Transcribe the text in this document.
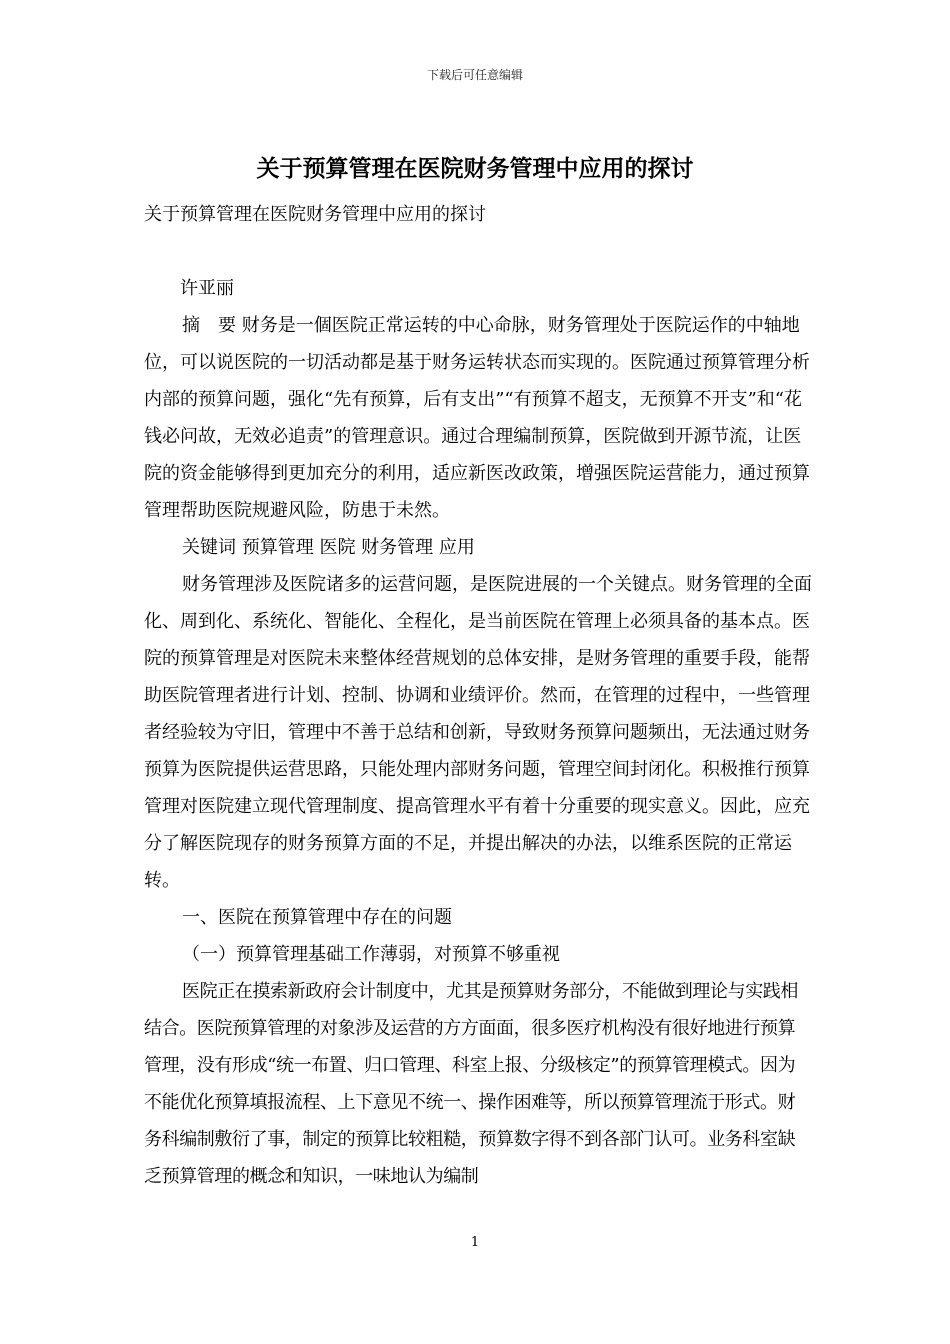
下载后可任意编辑
关于预算管理在医院财务管理中应用的探讨

关于预算管理在医院财务管理中应用的探讨

许亚丽

摘　要 财务是一個医院正常运转的中心命脉，财务管理处于医院运作的中轴地位，可以说医院的一切活动都是基于财务运转状态而实现的。医院通过预算管理分析内部的预算问题，强化“先有预算，后有支出”“有预算不超支，无预算不开支”和“花钱必问故，无效必追责”的管理意识。通过合理编制预算，医院做到开源节流，让医院的资金能够得到更加充分的利用，适应新医改政策，增强医院运营能力，通过预算管理帮助医院规避风险，防患于未然。

关键词 预算管理 医院 财务管理 应用

财务管理涉及医院诸多的运营问题，是医院进展的一个关键点。财务管理的全面化、周到化、系统化、智能化、全程化，是当前医院在管理上必须具备的基本点。医院的预算管理是对医院未来整体经营规划的总体安排，是财务管理的重要手段，能帮助医院管理者进行计划、控制、协调和业绩评价。然而，在管理的过程中，一些管理者经验较为守旧，管理中不善于总结和创新，导致财务预算问题频出，无法通过财务预算为医院提供运营思路，只能处理内部财务问题，管理空间封闭化。积极推行预算管理对医院建立现代管理制度、提高管理水平有着十分重要的现实意义。因此，应充分了解医院现存的财务预算方面的不足，并提出解决的办法，以维系医院的正常运转。

一、医院在预算管理中存在的问题

（一）预算管理基础工作薄弱，对预算不够重视

医院正在摸索新政府会计制度中，尤其是预算财务部分，不能做到理论与实践相结合。医院预算管理的对象涉及运营的方方面面，很多医疗机构没有很好地进行预算管理，没有形成“统一布置、归口管理、科室上报、分级核定”的预算管理模式。因为不能优化预算填报流程、上下意见不统一、操作困难等，所以预算管理流于形式。财务科编制敷衍了事，制定的预算比较粗糙，预算数字得不到各部门认可。业务科室缺乏预算管理的概念和知识，一味地认为编制

1
